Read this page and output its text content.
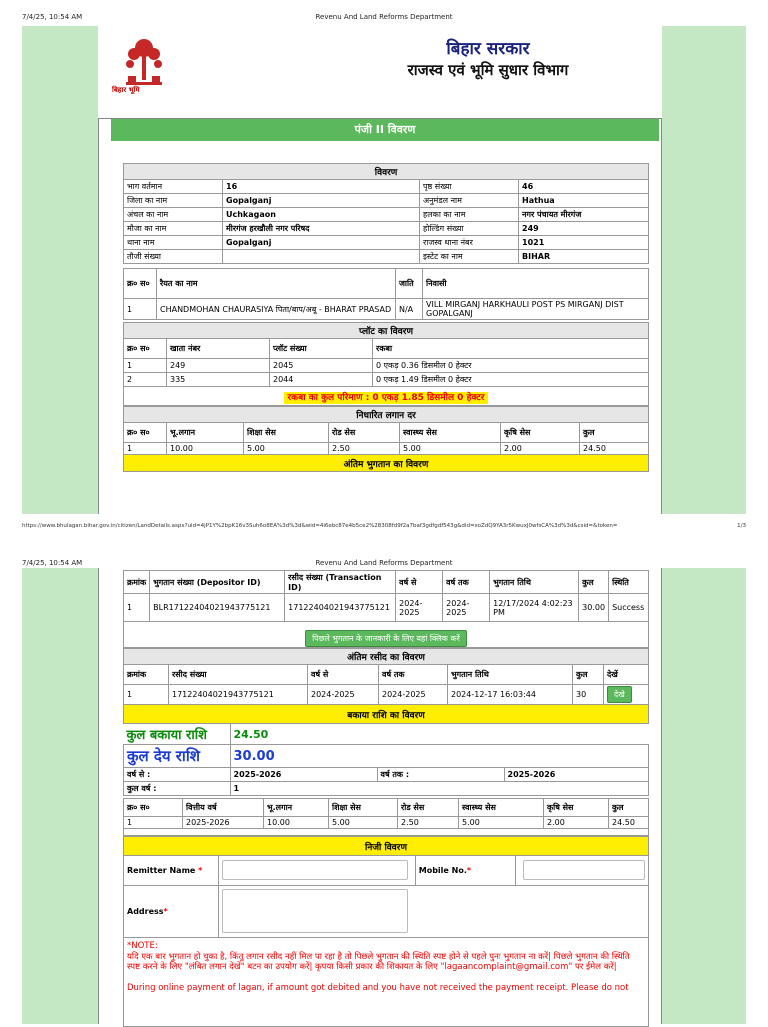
7/4/25, 10:54 AM	Revenu And Land Reforms Department
बिहार भूमि
बिहार सरकार
राजस्व एवं भूमि सुधार विभाग
पंजी II विवरण
विवरण			
भाग वर्तमान	16	पृष्ठ संख्या	46
जिला का नाम	Gopalganj	अनुमंडल नाम	Hathua
अंचल का नाम	Uchkagaon	हलका का नाम	नगर पंचायत मीरगंज
मौजा का नाम	मीरगंज हरखौली नगर परिषद	होल्डिंग संख्या	249
थाना नाम	Gopalganj	राजस्व थाना नंबर	1021
तौजी संख्या		इस्टेट का नाम	BIHAR
क्र० स०	रैयत का नाम	जाति	निवासी
1	CHANDMOHAN CHAURASIYA पिता/बाप/अबू - BHARAT PRASAD	N/A	VILL MIRGANJ HARKHAULI POST PS MIRGANJ DIST GOPALGANJ
प्लॉट का विवरण			
क्र० स०	खाता नंबर	प्लॉट संख्या	रकबा
1	249	2045	0 एकड़ 0.36 डिसमील 0 हेक्टर
2	335	2044	0 एकड़ 1.49 डिसमील 0 हेक्टर
रकबा का कुल परिमाण : 0 एकड़ 1.85 डिसमील 0 हेक्टर			
निधारित लगान दर						
क्र० स०	भू.लगान	शिक्षा सेस	रोड सेस	स्वास्थ्य सेस	कृषि सेस	कुल
1	10.00	5.00	2.50	5.00	2.00	24.50
अंतिम भुगतान का विवरण						
https://www.bhulagan.bihar.gov.in/citizen/LandDetails.aspx?uid=4jP1Y%2bpK16v3Suh6o8EA%3d%3d&wid=4i6ebc87e4b5ce2%28308fd9f2a7baf3gdfgdf543g&did=xoZdQ9YA3r5KwuxJ0wfsCA%3d%3d&csid=&token=	1/3
7/4/25, 10:54 AM	Revenu And Land Reforms Department
क्रमांक	भुगतान संख्या (Depositor ID)	रसीद संख्या (Transaction ID)	वर्ष से	वर्ष तक	भुगतान तिथि	कुल	स्थिति
1	BLR17122404021943775121	17122404021943775121	2024-2025	2024-2025	12/17/2024 4:02:23 PM	30.00	Success
पिछले भुगतान के जानकारी के लिए यहां क्लिक करें
अंतिम रसीद का विवरण						
क्रमांक	रसीद संख्या	वर्ष से	वर्ष तक	भुगतान तिथि	कुल	देखें
1	17122404021943775121	2024-2025	2024-2025	2024-12-17 16:03:44	30	देखे
बकाया राशि का विवरण						
कुल बकाया राशि	24.50		
कुल देय राशि	30.00		
वर्ष से :	2025-2026	वर्ष तक :	2025-2026
कुल वर्ष :	1		
क्र० स०	वित्तीय वर्ष	भू.लगान	शिक्षा सेस	रोड सेस	स्वास्थ्य सेस	कृषि सेस	कुल
1	2025-2026	10.00	5.00	2.50	5.00	2.00	24.50
निजी विवरण			
Remitter Name *		Mobile No.*	
Address*			

*NOTE:
यदि एक बार भुगतान हो चुका है, किंतु लगान रसीद नहीं मिल पा रहा है तो पिछले भुगतान की स्थिति स्पष्ट होने से पहले पुनः भुगतान ना करें| पिछले भुगतान की स्थिति स्पष्ट करने के लिए "लंबित लगान देखें" बटन का उपयोग करें| कृपया किसी प्रकार की शिकायत के लिए "lagaancomplaint@gmail.com" पर ईमेल करें|
During online payment of lagan, if amount got debited and you have not received the payment receipt. Please do not			
